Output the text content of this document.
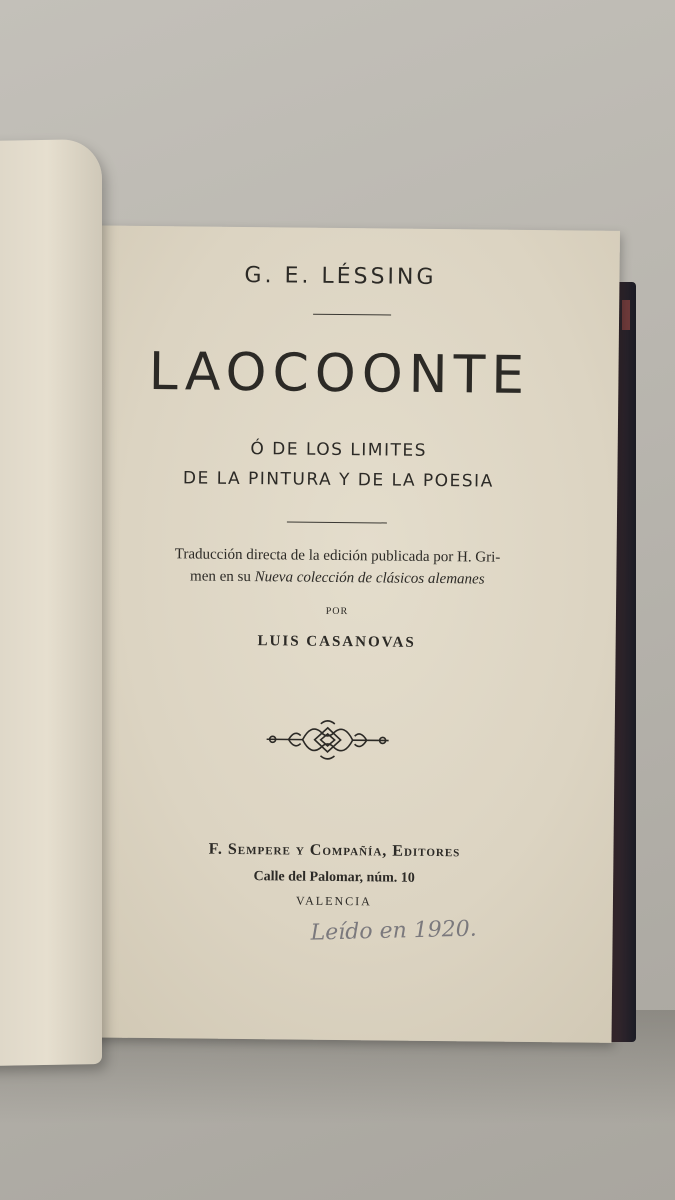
G. E. LÉSSING
LAOCOONTE
Ó DE LOS LIMITES
DE LA PINTURA Y DE LA POESIA
Traducción directa de la edición publicada por H. Gri-
men en su Nueva colección de clásicos alemanes
POR
LUIS CASANOVAS
F. Sempere y Compañía, Editores
Calle del Palomar, núm. 10
VALENCIA
Leído en 1920.
